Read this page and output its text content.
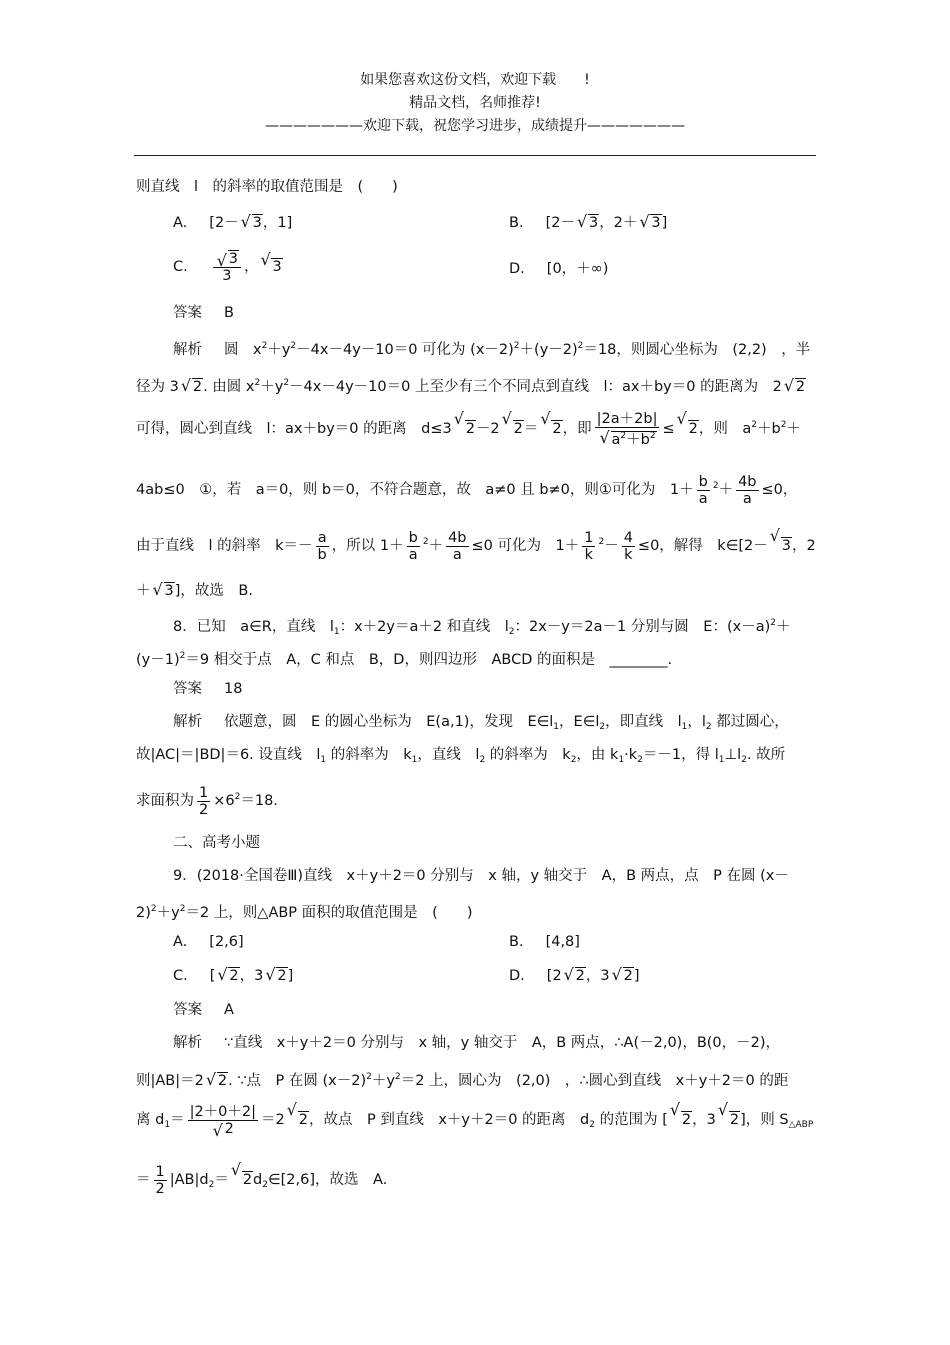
如果您喜欢这份文档，欢迎下载　　!
精品文档，名师推荐!
———————欢迎下载，祝您学习进步，成绩提升———————
则直线　l　的斜率的取值范围是　(　　)
A. [2－√ 3，1]	B. [2－√ 3，2＋√ 3]
C.
√ $\frac{3}{3}$ ，√ 3	D. [0，＋∞)
答案 B
解析 圆　$x^2+y^2-4x-4y-10=0$ 可化为 $(x-2)^2+(y-2)^2=18$，则圆心坐标为　(2,2)　，半
径为 3√ 2. 由圆 $x^2+y^2-4x-4y-10=0$ 上至少有三个不同点到直线　l：ax＋by＝0 的距离为　2√ 2
可得，圆心到直线　l：ax＋by＝0 的距离　d≤3√ 2－2√ 2＝√ 2，即 |2a＋2b|
√ $a^2+b^2$ ≤√ 2，则　$a^2+b^2+$
4ab≤0　①，若　a＝0，则 b＝0，不符合题意，故　a≠0 且 b≠0，则①可化为　$1+ \frac{b}{a} ^2+ \frac{4b}{a} \le 0$，
由于直线　l 的斜率　$k=- \frac{a}{b}$ ，所以 $1+ \frac{b}{a} ^2+ \frac{4b}{a} \le 0$ 可化为　$1+ \frac{1}{k} ^2- \frac{4}{k} \le 0$，解得　k∈[2－√ 3，2
＋√ 3]，故选　B.
8．已知　a∈R，直线　$l_1$：x＋2y＝a＋2 和直线　$l_2$：2x－y＝2a－1 分别与圆　E：$(x-a)^2+$
$(y-1)^2=9$ 相交于点　A，C 和点　B，D，则四边形　ABCD 的面积是　________.
答案 18
解析 依题意，圆　E 的圆心坐标为　E(a,1)，发现　$E\in l_1$，$E\in l_2$，即直线　$l_1$，$l_2$ 都过圆心，
故|AC|＝|BD|＝6. 设直线　$l_1$ 的斜率为　$k_1$，直线　$l_2$ 的斜率为　$k_2$，由 $k_1\cdot k_2=-1$，得 $l_1\perp l_2$. 故所
求面积为 $\frac{1}{2} \times 6^2=18$.
二、高考小题
9．(2018·全国卷Ⅲ)直线　x＋y＋2＝0 分别与　x 轴，y 轴交于　A，B 两点，点　P 在圆 (x－
$2)^2+y^2=2$ 上，则△ABP 面积的取值范围是　(　　)
A. [2,6]	B. [4,8]
C. [√ 2，3√ 2]	D. [2√ 2，3√ 2]
答案 A
解析 ∵直线　x＋y＋2＝0 分别与　x 轴，y 轴交于　A，B 两点，∴A(－2,0)，B(0，－2)，
则|AB|＝2√ 2. ∵点　P 在圆 $(x-2)^2+y^2=2$ 上，圆心为　(2,0)　，∴圆心到直线　x＋y＋2＝0 的距
离 $d_1= |2+0+2|$
√ 2 ＝2√ 2，故点　P 到直线　x＋y＋2＝0 的距离　$d_2$ 的范围为 [√ 2，3√ 2]，则 $S_{\triangle ABP}$
＝ $\frac{1}{2} |AB|d_2=√$ $2d_2\in[2,6]$，故选　A.
